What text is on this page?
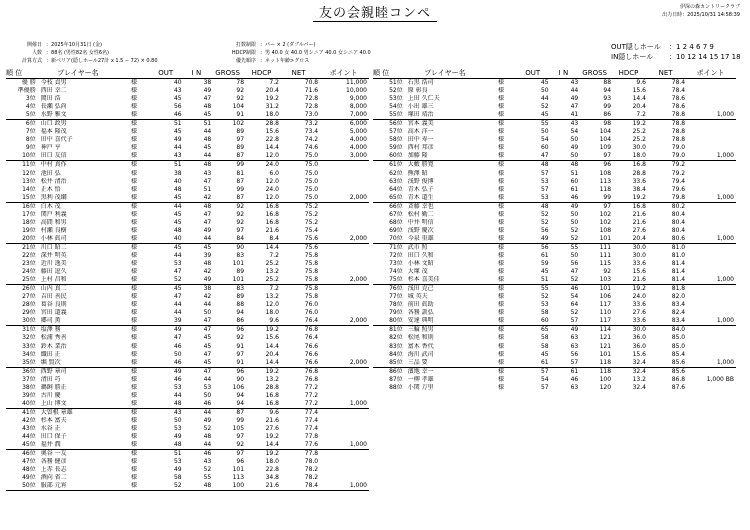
友の会親睦コンペ	伊深の森カントリークラブ
出力日時：2025/10/31 14:58:39
開催日 ：2025年10月31日 (金)
人数 ：88名 (男性82名 女性6名)
計算方式 ：新ペリア(隠しホール27計 x 1.5 − 72) × 0.80
打数制限 ：パー × 2 (ダブルパー)
HDCP制限 ：男 40.0 女 40.0 男シニア 40.0 女シニア 40.0
優先順序 ：ネット年齢>グロス
OUT隠しホール ：1 2 4 6 7 9
IN隠しホール ：10 12 14 15 17 18
順 位	プレイヤー名		OUT	I N	GROSS	HDCP	NET	ポイント
優 勝	今枝 貞男	様	40	38	78	7.2	70.8	11,000
準優勝	西田 幸二	様	43	49	92	20.4	71.6	10,000
3位	岡田 浩	様	45	47	92	19.2	72.8	9,000
4位	長瀬 弘尚	様	56	48	104	31.2	72.8	8,000
5位	水野 雅文	様	46	45	91	18.0	73.0	7,000
6位	山口 政男	様	51	51	102	28.8	73.2	6,000
7位	福本 隆茂	様	45	44	89	15.6	73.4	5,000
8位	田中 喜代子	様	49	48	97	22.8	74.2	4,000
9位	神戸 亨	様	44	45	89	14.4	74.6	4,000
10位	田口 友信	様	43	44	87	12.0	75.0	3,000
11位	中村 真作	様	51	48	99	24.0	75.0	
12位	池田 弘	様	38	43	81	6.0	75.0	
13位	松井 清治	様	40	47	87	12.0	75.0	
14位	正木 悟	様	48	51	99	24.0	75.0	
15位	黒利 茂綱	様	45	42	87	12.0	75.0	2,000
16位	白木 茂	様	44	48	92	16.8	75.2	
17位	関戸 利義	様	45	47	92	16.8	75.2	
18位	高間 和男	様	45	47	92	16.8	75.2	
19位	村瀬 良樹	様	48	49	97	21.6	75.4	
20位	小林 眞司	様	40	44	84	8.4	75.6	2,000
21位	川口 昭二	様	45	45	90	14.4	75.6	
22位	深井 明英	様	44	39	83	7.2	75.8	
23位	近川 逸美	様	53	48	101	25.2	75.8	
24位	藤田 逗久	様	47	42	89	13.2	75.8	
25位	上村 昌和	様	52	49	101	25.2	75.8	2,000
26位	山内 真二	様	45	38	83	7.2	75.8	
27位	吉田 善民	様	47	42	89	13.2	75.8	
28位	葛谷 良則	様	44	44	88	12.0	76.0	
29位	宮田 道義	様	44	50	94	18.0	76.0	
30位	郷司 薫	様	39	47	86	9.6	76.4	2,000
31位	塩澤 務	様	49	47	96	19.2	76.8	
32位	松浦 秀善	様	47	45	92	15.6	76.4	
33位	鈴木 業治	様	46	45	91	14.4	76.6	
34位	織田 正	様	50	47	97	20.4	76.6	
35位	堀 賢次	様	46	45	91	14.4	76.6	2,000
36位	西野 章司	様	49	47	96	19.2	76.8	
37位	清田 巧	様	46	44	90	13.2	76.8	
38位	鵜飼 勝正	様	53	53	106	28.8	77.2	
39位	古川 慶	様	44	50	94	16.8	77.2	
40位	上山 博文	様	48	46	94	16.8	77.2	1,000
41位	大曽根 章雄	様	43	44	87	9.6	77.4	
42位	杉本 富夫	様	50	49	99	21.6	77.4	
43位	水谷 正	様	53	52	105	27.6	77.4	
44位	田口 保子	様	49	48	97	19.2	77.8	
45位	福井 潤	様	48	44	92	14.4	77.6	1,000
46位	奥谷 一友	様	51	46	97	19.2	77.8	
47位	各務 健彦	様	53	43	96	18.0	78.0	
48位	上赤 長志	様	49	52	101	22.8	78.2	
49位	酒向 省二	様	58	55	113	34.8	78.2	
50位	服部 元宵	様	52	48	100	21.6	78.4	1,000
順 位	プレイヤー名		OUT	I N	GROSS	HDCP	NET	ポイント
51位	石黒 浩司	様	45	43	88	9.6	78.4	
52位	原 彰良	様	50	44	94	15.6	78.4	
53位	上田 久仁夫	様	44	49	93	14.4	78.6	
54位	小出 雄三	様	52	47	99	20.4	78.6	
55位	塚田 靖治	様	45	41	86	7.2	78.8	1,000
56位	宮本 義美	様	55	43	98	19.2	78.8	
57位	高木 洋一	様	50	54	104	25.2	78.8	
58位	田中 寿一	様	54	50	104	25.2	78.8	
59位	西村 邦彦	様	60	49	109	30.0	79.0	
60位	加藤 隆	様	47	50	97	18.0	79.0	1,000
61位	大藪 勝寛	様	48	48	96	16.8	79.2	
62位	熊澤 昭	様	57	51	108	28.8	79.2	
63位	浅野 俊博	様	53	60	113	33.6	79.4	
64位	青木 弘子	様	57	61	118	38.4	79.6	
65位	青木 道生	様	53	46	99	19.2	79.8	1,000
66位	斉藤 幸也	様	48	49	97	16.8	80.2	
67位	松村 勤二	様	52	50	102	21.6	80.4	
68位	中井 明信	様	52	50	102	21.6	80.4	
69位	浅野 慶次	様	56	52	108	27.6	80.4	
70位	今泉 重雄	様	49	52	101	20.4	80.6	1,000
71位	武市 照	様	56	55	111	30.0	81.0	
72位	田口 久和	様	61	50	111	30.0	81.0	
73位	小林 文昭	様	59	56	115	33.6	81.4	
74位	大塚 茂	様	45	47	92	15.6	81.4	
75位	杉本 喜美佳	様	51	52	103	21.6	81.4	1,000
76位	浅田 克己	様	55	46	101	19.2	81.8	
77位	城 英夫	様	52	54	106	24.0	82.0	
78位	前田 眞助	様	53	64	117	33.6	83.4	
79位	各務 訓弘	様	58	52	110	27.6	82.4	
80位	安達 典明	様	60	57	117	33.6	83.4	1,000
81位	三輪 照男	様	65	49	114	30.0	84.0	
82位	松尾 和則	様	58	63	121	36.0	85.0	
83位	富木 香代	様	58	63	121	36.0	85.0	
84位	海川 武司	様	45	56	101	15.6	85.4	
85位	三品 要	様	61	57	118	32.4	85.6	1,000
86位	濱地 幸一	様	57	61	118	32.4	85.6	
87位	一柳 孝雄	様	54	46	100	13.2	86.8	1,000 BB
88位	小関 万里	様	57	63	120	32.4	87.6	
